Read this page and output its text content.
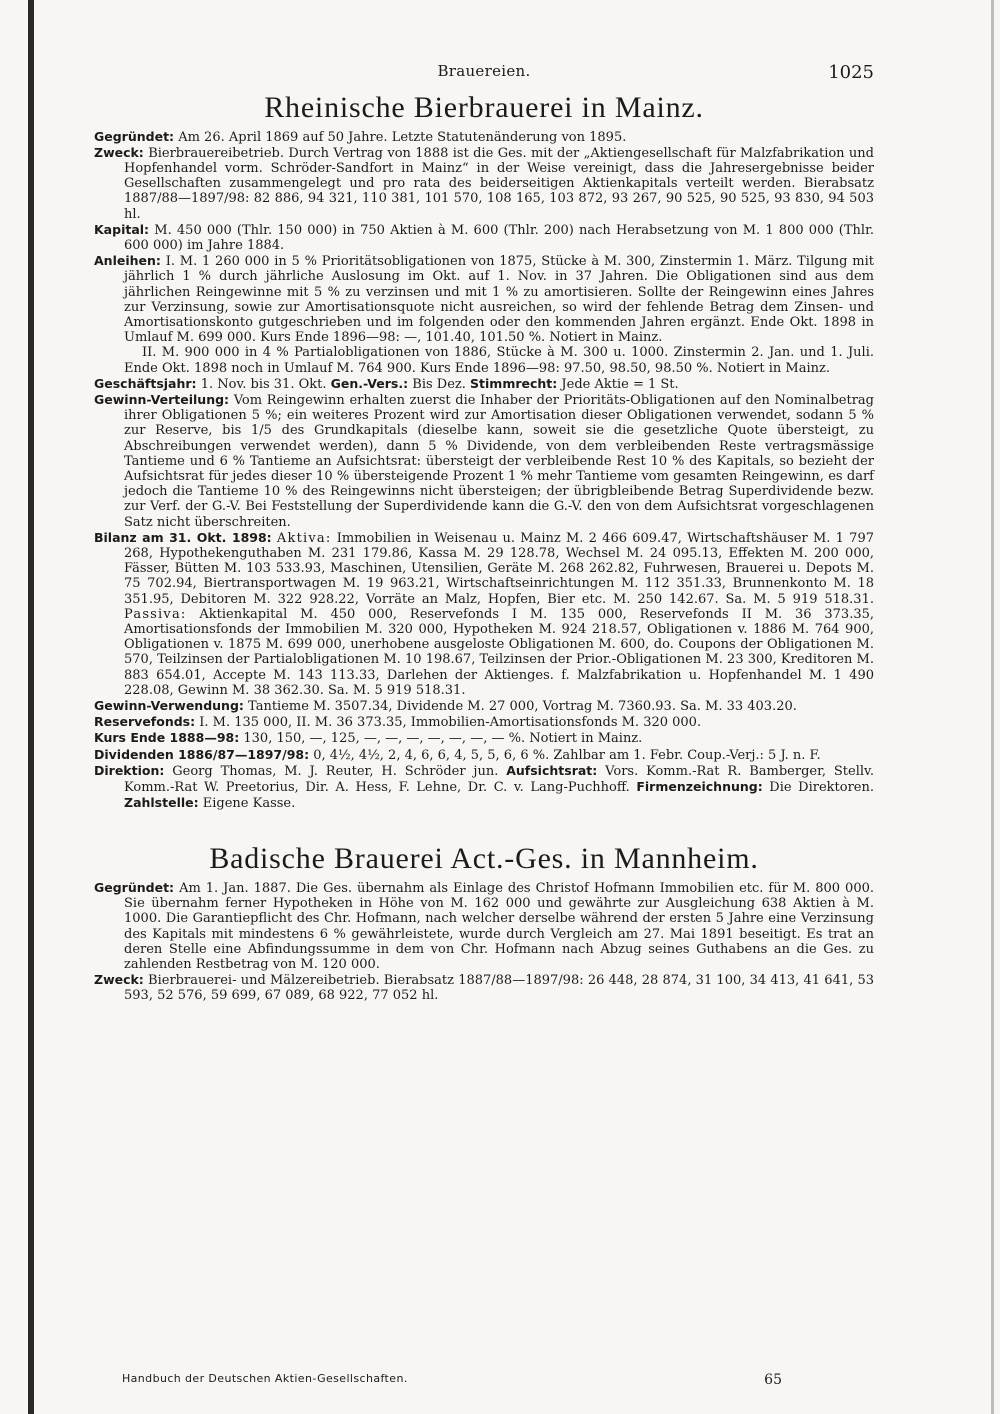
Brauereien.	1025
Rheinische Bierbrauerei in Mainz.

Gegründet: Am 26. April 1869 auf 50 Jahre. Letzte Statutenänderung von 1895.

Zweck: Bierbrauereibetrieb. Durch Vertrag von 1888 ist die Ges. mit der „Aktiengesellschaft für Malzfabrikation und Hopfenhandel vorm. Schröder-Sandfort in Mainz“ in der Weise vereinigt, dass die Jahresergebnisse beider Gesellschaften zusammengelegt und pro rata des beiderseitigen Aktienkapitals verteilt werden. Bierabsatz 1887/88—1897/98: 82 886, 94 321, 110 381, 101 570, 108 165, 103 872, 93 267, 90 525, 90 525, 93 830, 94 503 hl.

Kapital: M. 450 000 (Thlr. 150 000) in 750 Aktien à M. 600 (Thlr. 200) nach Herabsetzung von M. 1 800 000 (Thlr. 600 000) im Jahre 1884.

Anleihen: I. M. 1 260 000 in 5 % Prioritätsobligationen von 1875, Stücke à M. 300, Zinstermin 1. März. Tilgung mit jährlich 1 % durch jährliche Auslosung im Okt. auf 1. Nov. in 37 Jahren. Die Obligationen sind aus dem jährlichen Reingewinne mit 5 % zu verzinsen und mit 1 % zu amortisieren. Sollte der Reingewinn eines Jahres zur Verzinsung, sowie zur Amortisationsquote nicht ausreichen, so wird der fehlende Betrag dem Zinsen- und Amortisationskonto gutgeschrieben und im folgenden oder den kommenden Jahren ergänzt. Ende Okt. 1898 in Umlauf M. 699 000. Kurs Ende 1896—98: —, 101.40, 101.50 %. Notiert in Mainz.

II. M. 900 000 in 4 % Partialobligationen von 1886, Stücke à M. 300 u. 1000. Zinstermin 2. Jan. und 1. Juli. Ende Okt. 1898 noch in Umlauf M. 764 900. Kurs Ende 1896—98: 97.50, 98.50, 98.50 %. Notiert in Mainz.

Geschäftsjahr: 1. Nov. bis 31. Okt. Gen.-Vers.: Bis Dez. Stimmrecht: Jede Aktie = 1 St.

Gewinn-Verteilung: Vom Reingewinn erhalten zuerst die Inhaber der Prioritäts-Obligationen auf den Nominalbetrag ihrer Obligationen 5 %; ein weiteres Prozent wird zur Amortisation dieser Obligationen verwendet, sodann 5 % zur Reserve, bis 1/5 des Grundkapitals (dieselbe kann, soweit sie die gesetzliche Quote übersteigt, zu Abschreibungen verwendet werden), dann 5 % Dividende, von dem verbleibenden Reste vertragsmässige Tantieme und 6 % Tantieme an Aufsichtsrat: übersteigt der verbleibende Rest 10 % des Kapitals, so bezieht der Aufsichtsrat für jedes dieser 10 % übersteigende Prozent 1 % mehr Tantieme vom gesamten Reingewinn, es darf jedoch die Tantieme 10 % des Reingewinns nicht übersteigen; der übrigbleibende Betrag Superdividende bezw. zur Verf. der G.-V. Bei Feststellung der Superdividende kann die G.-V. den von dem Aufsichtsrat vorgeschlagenen Satz nicht überschreiten.

Bilanz am 31. Okt. 1898: Aktiva: Immobilien in Weisenau u. Mainz M. 2 466 609.47, Wirtschaftshäuser M. 1 797 268, Hypothekenguthaben M. 231 179.86, Kassa M. 29 128.78, Wechsel M. 24 095.13, Effekten M. 200 000, Fässer, Bütten M. 103 533.93, Maschinen, Utensilien, Geräte M. 268 262.82, Fuhrwesen, Brauerei u. Depots M. 75 702.94, Biertransportwagen M. 19 963.21, Wirtschaftseinrichtungen M. 112 351.33, Brunnenkonto M. 18 351.95, Debitoren M. 322 928.22, Vorräte an Malz, Hopfen, Bier etc. M. 250 142.67. Sa. M. 5 919 518.31. Passiva: Aktienkapital M. 450 000, Reservefonds I M. 135 000, Reservefonds II M. 36 373.35, Amortisationsfonds der Immobilien M. 320 000, Hypotheken M. 924 218.57, Obligationen v. 1886 M. 764 900, Obligationen v. 1875 M. 699 000, unerhobene ausgeloste Obligationen M. 600, do. Coupons der Obligationen M. 570, Teilzinsen der Partialobligationen M. 10 198.67, Teilzinsen der Prior.-Obligationen M. 23 300, Kreditoren M. 883 654.01, Accepte M. 143 113.33, Darlehen der Aktienges. f. Malzfabrikation u. Hopfenhandel M. 1 490 228.08, Gewinn M. 38 362.30. Sa. M. 5 919 518.31.

Gewinn-Verwendung: Tantieme M. 3507.34, Dividende M. 27 000, Vortrag M. 7360.93. Sa. M. 33 403.20.

Reservefonds: I. M. 135 000, II. M. 36 373.35, Immobilien-Amortisationsfonds M. 320 000.

Kurs Ende 1888—98: 130, 150, —, 125, —, —, —, —, —, —, — %. Notiert in Mainz.

Dividenden 1886/87—1897/98: 0, 4½, 4½, 2, 4, 6, 6, 4, 5, 5, 6, 6 %. Zahlbar am 1. Febr. Coup.-Verj.: 5 J. n. F.

Direktion: Georg Thomas, M. J. Reuter, H. Schröder jun. Aufsichtsrat: Vors. Komm.-Rat R. Bamberger, Stellv. Komm.-Rat W. Preetorius, Dir. A. Hess, F. Lehne, Dr. C. v. Lang-Puchhoff. Firmenzeichnung: Die Direktoren. Zahlstelle: Eigene Kasse.

Badische Brauerei Act.-Ges. in Mannheim.

Gegründet: Am 1. Jan. 1887. Die Ges. übernahm als Einlage des Christof Hofmann Immobilien etc. für M. 800 000. Sie übernahm ferner Hypotheken in Höhe von M. 162 000 und gewährte zur Ausgleichung 638 Aktien à M. 1000. Die Garantiepflicht des Chr. Hofmann, nach welcher derselbe während der ersten 5 Jahre eine Verzinsung des Kapitals mit mindestens 6 % gewährleistete, wurde durch Vergleich am 27. Mai 1891 beseitigt. Es trat an deren Stelle eine Abfindungssumme in dem von Chr. Hofmann nach Abzug seines Guthabens an die Ges. zu zahlenden Restbetrag von M. 120 000.

Zweck: Bierbrauerei- und Mälzereibetrieb. Bierabsatz 1887/88—1897/98: 26 448, 28 874, 31 100, 34 413, 41 641, 53 593, 52 576, 59 699, 67 089, 68 922, 77 052 hl.

Handbuch der Deutschen Aktien-Gesellschaften.	65
